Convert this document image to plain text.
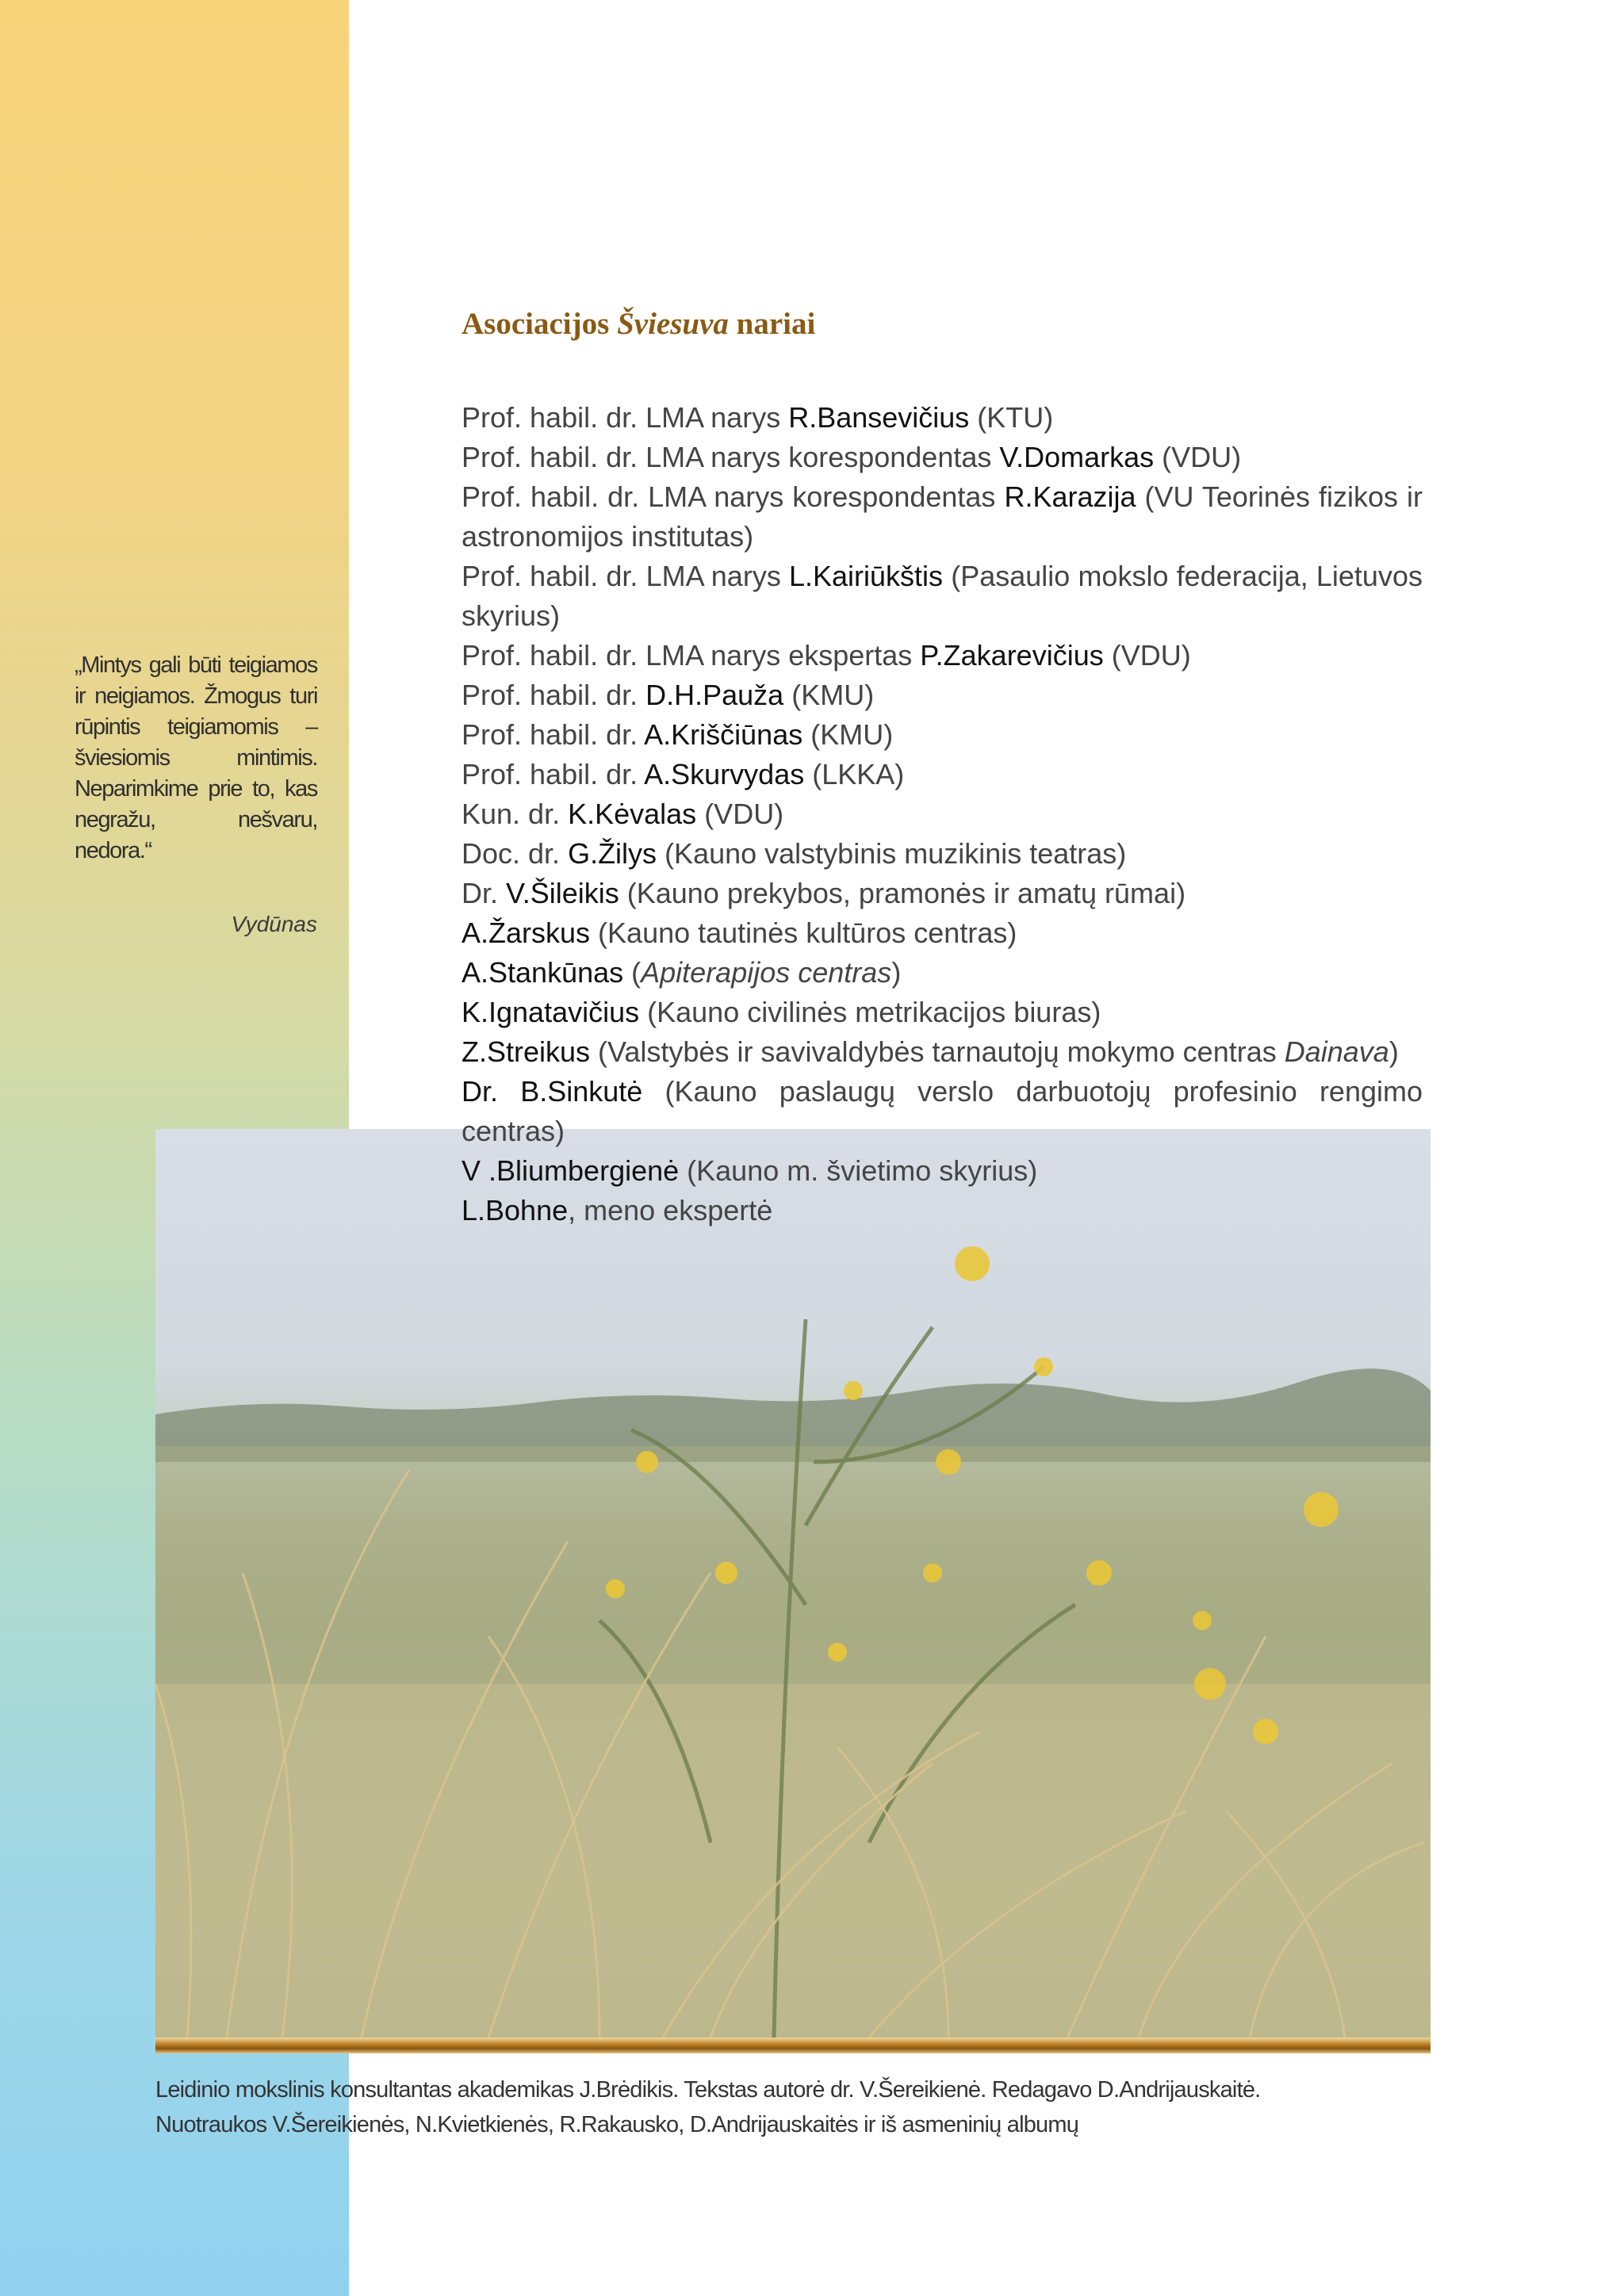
„Mintys gali būti teigiamos ir neigiamos. Žmogus turi rūpintis teigiamomis – šviesiomis mintimis. Neparimkime prie to, kas negražu, nešvaru, nedora.“
Vydūnas
Asociacijos Šviesuva nariai
Prof. habil. dr. LMA narys R.Bansevičius (KTU)
Prof. habil. dr. LMA narys korespondentas V.Domarkas (VDU)
Prof. habil. dr. LMA narys korespondentas R.Karazija (VU Teorinės fizikos ir astronomijos institutas)
Prof. habil. dr. LMA narys L.Kairiūkštis (Pasaulio mokslo federacija, Lietuvos skyrius)
Prof. habil. dr. LMA narys ekspertas P.Zakarevičius (VDU)
Prof. habil. dr. D.H.Pauža (KMU)
Prof. habil. dr. A.Kriščiūnas (KMU)
Prof. habil. dr. A.Skurvydas (LKKA)
Kun. dr. K.Kėvalas (VDU)
Doc. dr. G.Žilys (Kauno valstybinis muzikinis teatras)
Dr. V.Šileikis (Kauno prekybos, pramonės ir amatų rūmai)
A.Žarskus (Kauno tautinės kultūros centras)
A.Stankūnas (Apiterapijos centras)
K.Ignatavičius (Kauno civilinės metrikacijos biuras)
Z.Streikus (Valstybės ir savivaldybės tarnautojų mokymo centras Dainava)
Dr. B.Sinkutė (Kauno paslaugų verslo darbuotojų profesinio rengimo centras)
V .Bliumbergienė (Kauno m. švietimo skyrius)
L.Bohne, meno ekspertė
Leidinio mokslinis konsultantas akademikas J.Brėdikis. Tekstas autorė dr. V.Šereikienė. Redagavo D.Andrijauskaitė.
Nuotraukos V.Šereikienės, N.Kvietkienės, R.Rakausko, D.Andrijauskaitės ir iš asmeninių albumų
